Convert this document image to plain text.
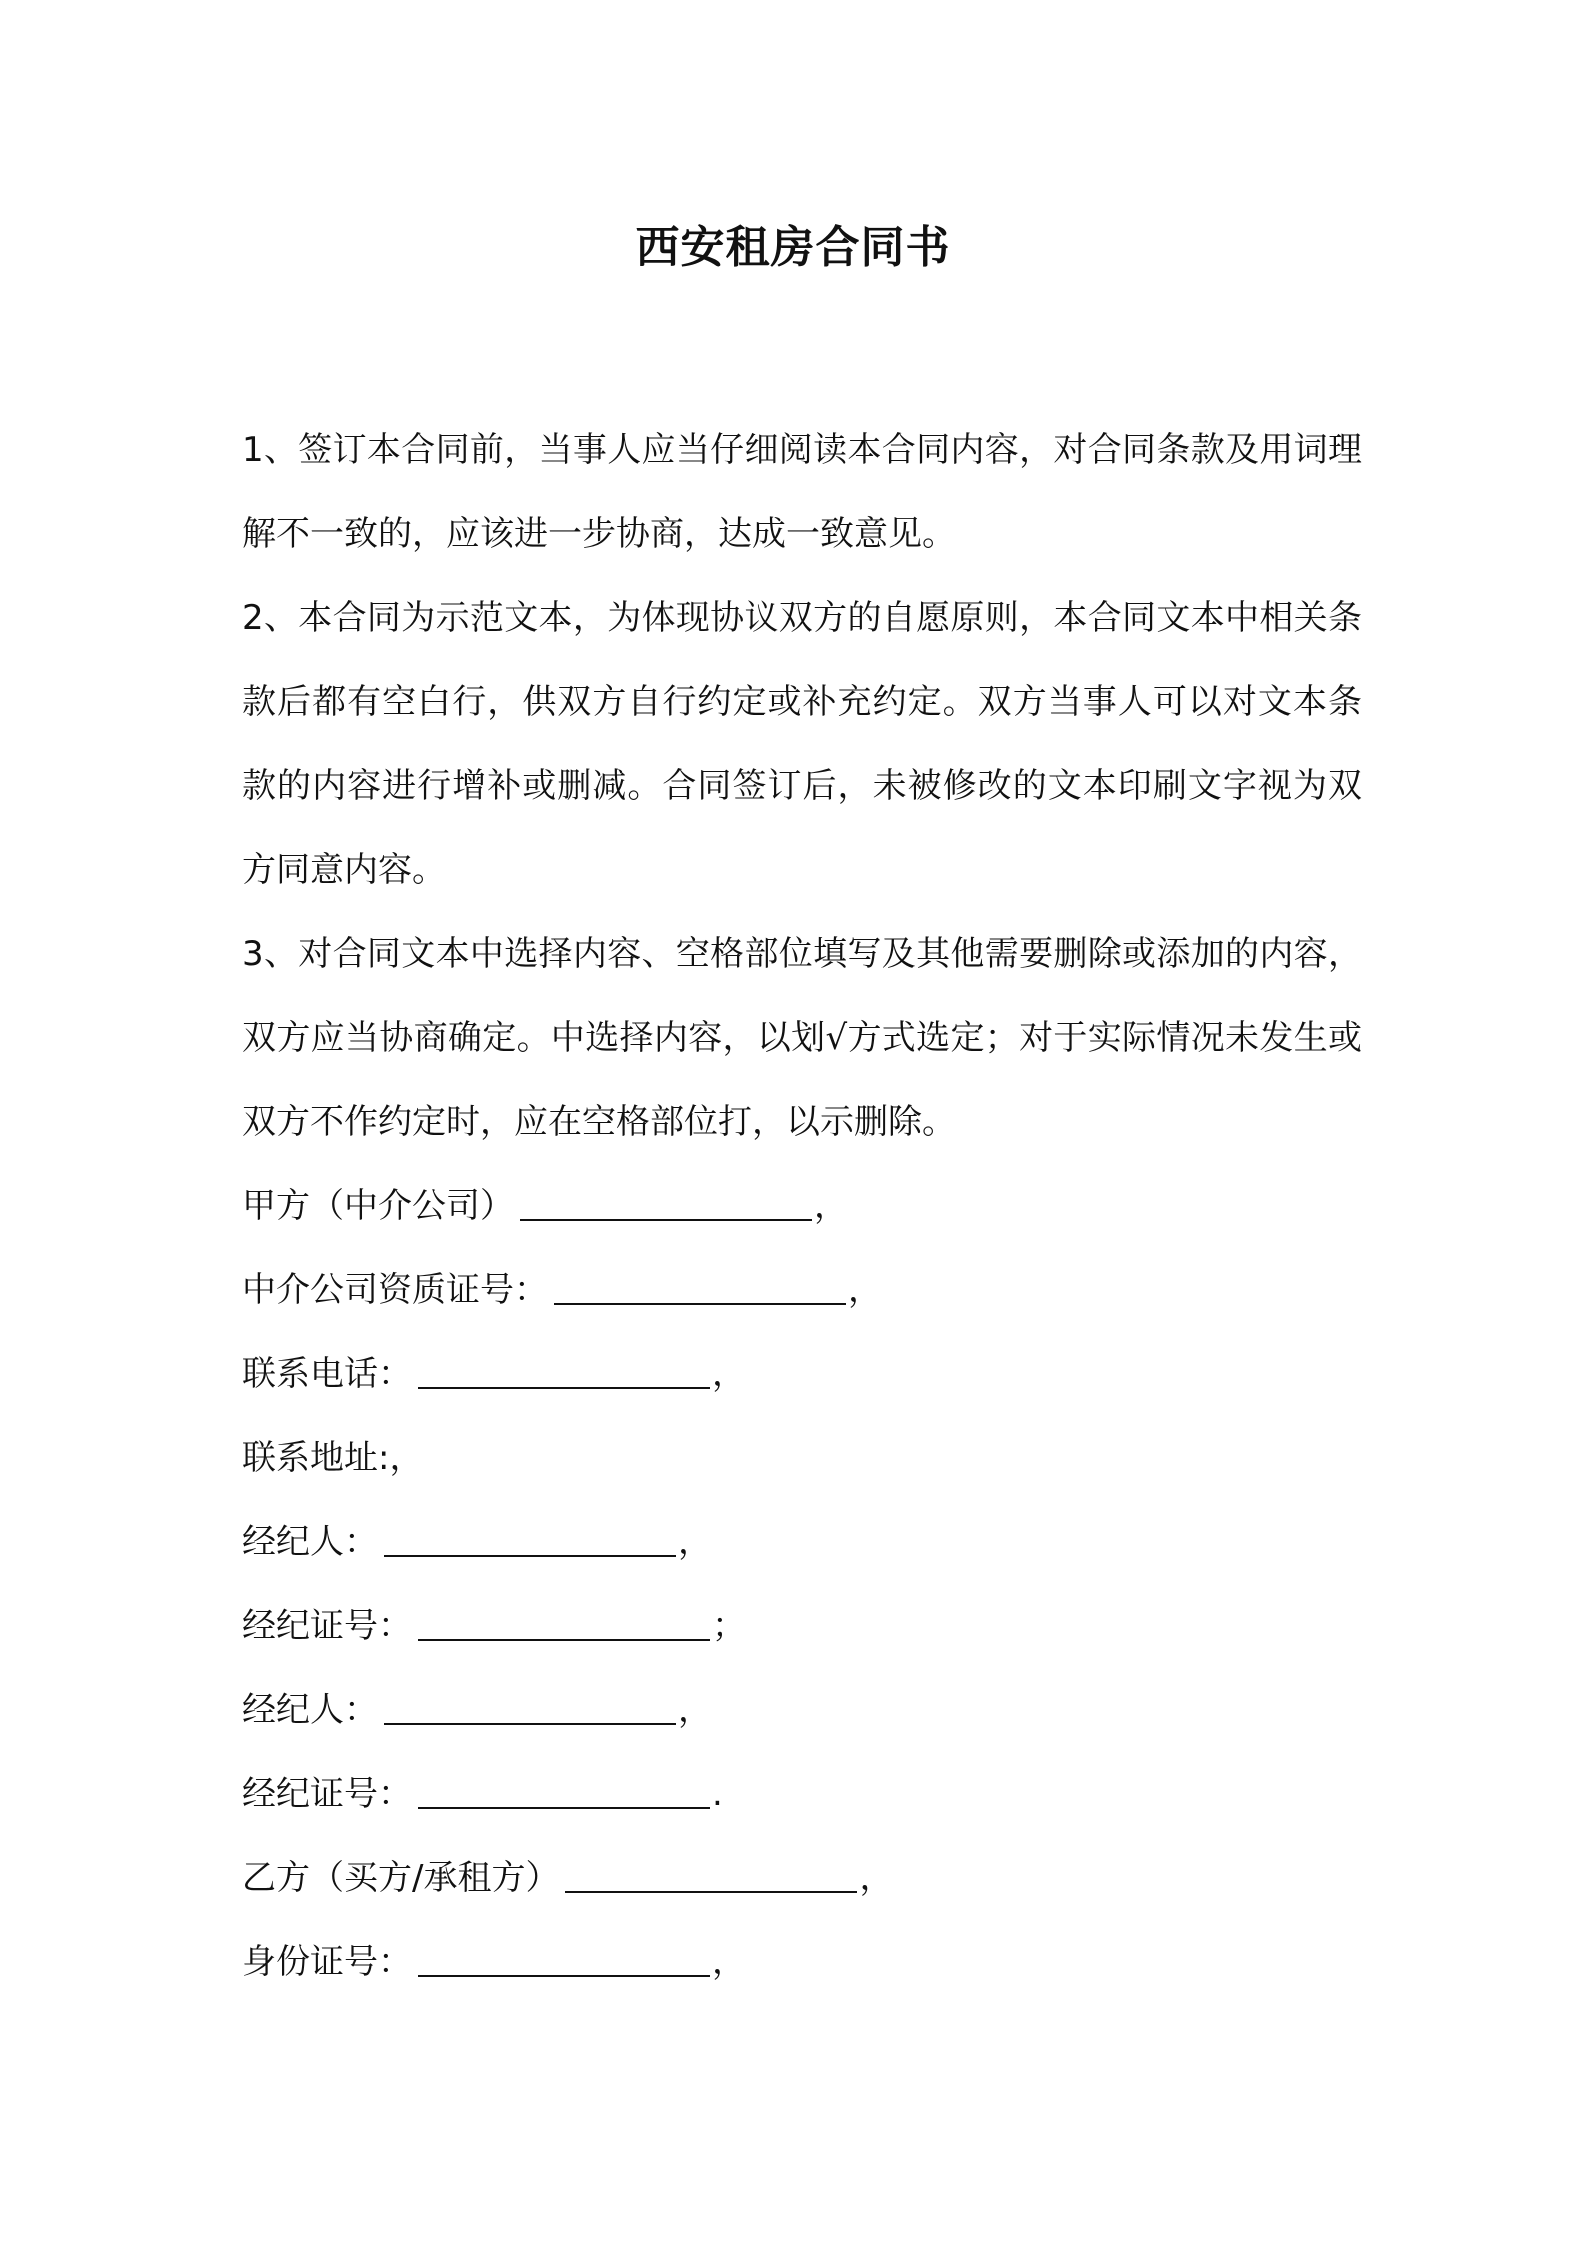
西安租房合同书

1、签订本合同前，当事人应当仔细阅读本合同内容，对合同条款及用词理解不一致的，应该进一步协商，达成一致意见。

2、本合同为示范文本，为体现协议双方的自愿原则，本合同文本中相关条款后都有空白行，供双方自行约定或补充约定。双方当事人可以对文本条款的内容进行增补或删减。合同签订后，未被修改的文本印刷文字视为双方同意内容。

3、对合同文本中选择内容、空格部位填写及其他需要删除或添加的内容，双方应当协商确定。中选择内容，以划√方式选定；对于实际情况未发生或双方不作约定时，应在空格部位打，以示删除。

甲方（中介公司）	，

中介公司资质证号：	，

联系电话：	，

联系地址:，

经纪人：	，

经纪证号：	；

经纪人：	，

经纪证号：	.

乙方（买方/承租方）	，

身份证号：	，
